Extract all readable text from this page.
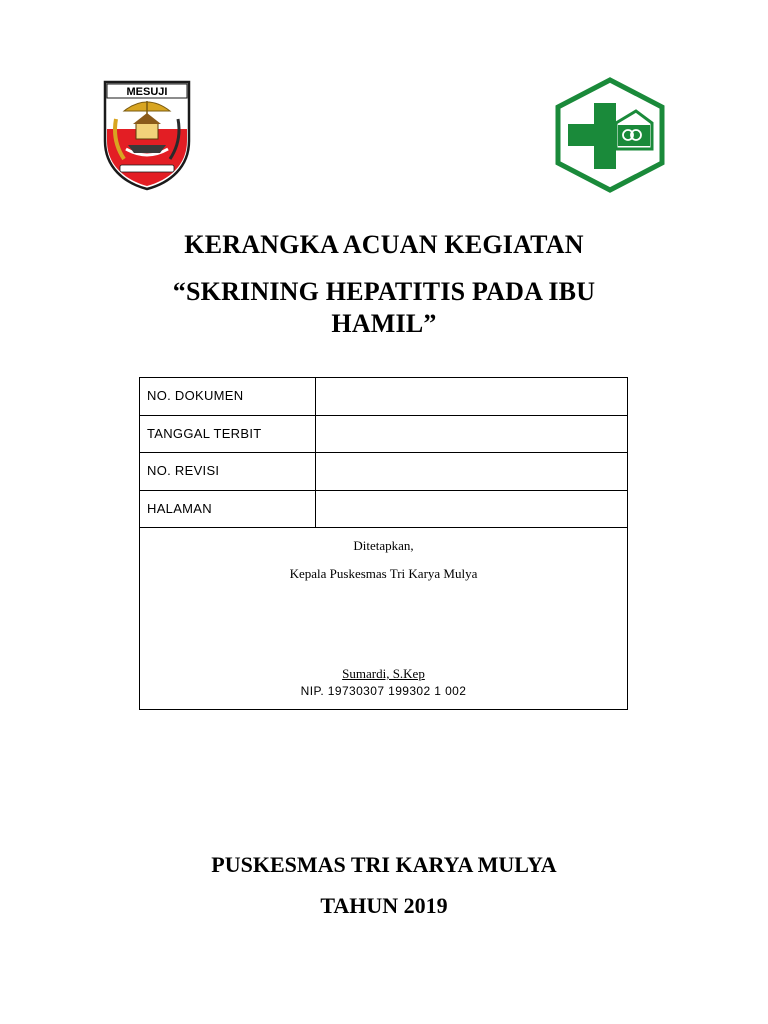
MESUJI
KERANGKA ACUAN KEGIATAN
“SKRINING HEPATITIS PADA IBU
HAMIL”
NO. DOKUMEN
TANGGAL TERBIT
NO. REVISI
HALAMAN
Ditetapkan,
Kepala Puskesmas Tri Karya Mulya
Sumardi, S.Kep
NIP. 19730307 199302 1 002
PUSKESMAS TRI KARYA MULYA
TAHUN 2019
